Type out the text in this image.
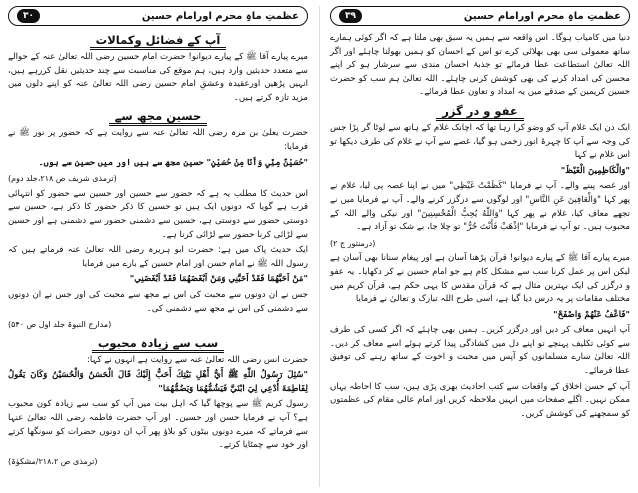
عظمتِ ماہِ محرم اورامام حسین
۳۰
آپ کے فضائل وکمالات

میرے پیارے آقا ﷺ کے پیارے دیوانو! حضرت امام حسین رضی اللہ تعالیٰ عنہ کے حوالے سے متعدد حدیثیں وارد ہیں، ہم موقع کی مناسبت سے چند حدیثیں نقل کررہے ہیں، انہیں پڑھیں اورعقیدہ وعشقِ امام حسین رضی اللہ تعالیٰ عنہ کو اپنے دلوں میں مزید تازہ کرتے ہیں۔

حسین مجھ سے

حضرت یعلیٰ بن مرہ رضی اللہ تعالیٰ عنہ سے روایت ہے کہ حضور پر نور ﷺ نے فرمایا:

"حُسَيْنٌ مِنِّي وَأَنَا مِنْ حُسَيْنٍ" حسین مجھ سے ہیں اور میں حسین سے ہوں۔

(ترمذی شریف ص ۲۱۸،جلد دوم)

اس حدیث کا مطلب یہ ہے کہ حضور سے حسین اور حسین سے حضور کو انتہائی قرب ہے گویا کہ دونوں ایک ہیں تو حسین کا ذکر حضور کا ذکر ہے، حسین سے دوستی حضور سے دوستی ہے، حسین سے دشمنی حضور سے دشمنی ہے اور حسین سے لڑائی کرنا حضور سے لڑائی کرنا ہے۔

ایک حدیث پاک میں ہے: حضرت ابو ہریرہ رضی اللہ تعالیٰ عنہ فرماتے ہیں کہ رسول اللہ ﷺ نے امام حسن اور امام حسین کے بارے میں فرمایا

"مَنْ اَحَبَّهُمَا فَقَدْ اَحَبَّنِي وَمَنْ اَبْغَضَهُمَا فَقَدْ اَبْغَضَنِي"

جس نے ان دونوں سے محبت کی اس نے مجھ سے محبت کی اور جس نے ان دونوں سے دشمنی کی اس نے مجھ سے دشمنی کی۔

(مدارج النبوۃ جلد اول ص ۵۴۰)

سب سے زیادہ محبوب

حضرت انس رضی اللہ تعالیٰ عنہ سے روایت ہے انہوں نے کہا:

"سُئِلَ رَسُولُ اللّٰهِ ﷺ أَيُّ أَهْلِ بَيْتِكَ أَحَبُّ إِلَيْكَ قَالَ الْحَسَنُ وَالْحُسَيْنُ وَكَانَ يَقُولُ لِفَاطِمَةَ أُدْعِي لِيَ ابْنَيَّ فَيَشُمُّهُمَا وَيَضُمُّهُمَا"

رسول کریم ﷺ سے پوچھا گیا کہ اہل بیت میں آپ کو سب سے زیادہ کون محبوب ہے؟ آپ نے فرمایا حسن اور حسین۔ اور آپ حضرت فاطمہ رضی اللہ تعالیٰ عنہا سے فرماتے کہ میرے دونوں بیٹوں کو بلاؤ پھر آپ ان دونوں حضرات کو سونگھا کرتے اور خود سے چمٹایا کرتے۔

(ترمذی ص ۲۱۸،۲/مشکوٰۃ)

عظمتِ ماہِ محرم اورامام حسین
۳۹

دنیا میں کامیاب ہوگا۔ اس واقعہ سے ہمیں یہ سبق بھی ملتا ہے کہ اگر کوئی ہمارے ساتھ معمولی سی بھی بھلائی کرے تو اس کے احسان کو ہمیں بھولنا چاہئے اور اگر اللہ تعالیٰ استطاعت عطا فرمائے تو جذبۂ احسان مندی سے سرشار ہو کر اپنے محسن کی امداد کرنے کی بھی کوشش کرنی چاہئے۔ اللہ تعالیٰ ہم سب کو حضرت حسین کریمین کے صدقے میں یہ امداد و تعاون عطا فرمائے۔

عفو و در گزر

ایک دن ایک غلام آپ کو وضو کرا رہا تھا کہ اچانک غلام کے ہاتھ سے لوٹا گر پڑا جس کی وجہ سے آپ کا چہرۂ انور زخمی ہو گیا، غصے سے آپ نے غلام کی طرف دیکھا تو اس غلام نے کہا

"وَالْكَاظِمِينَ الْغَيْظَ"

اور غصہ پینے والے۔ آپ نے فرمایا "كَظَمْتُ غَيْظِي" میں نے اپنا غصہ پی لیا، غلام نے پھر کہا "وَالْعَافِينَ عَنِ النَّاسِ" اور لوگوں سے درگزر کرنے والے۔ آپ نے فرمایا میں نے تجھے معاف کیا، غلام نے پھر کہا "وَاللّٰهُ يُحِبُّ الْمُحْسِنِينَ" اور نیکی والے اللہ کے محبوب ہیں۔ تو آپ نے فرمایا "اِذْهَبْ فَأَنْتَ حُرٌّ" تو چلا جا، بے شک تو آزاد ہے۔

(درمنثور ج ۲)

میرے پیارے آقا ﷺ کے پیارے دیوانو! قرآن پڑھنا آسان ہے اور پیغام سنانا بھی آسان ہے لیکن اس پر عمل کرنا سب سے مشکل کام ہے جو امام حسین نے کر دکھایا۔ یہ عفو و درگزر کی ایک بہترین مثال ہے کہ قرآن مقدس کا یہی حکم ہے، قرآن کریم میں مختلف مقامات پر یہ درس دیا گیا ہے، اسی طرح اللہ تبارک و تعالیٰ نے فرمایا

"فَاعْفُ عَنْهُمْ وَاصْفَحْ"

آپ انہیں معاف کر دیں اور درگزر کریں۔ ہمیں بھی چاہئے کہ اگر کسی کی طرف سے کوئی تکلیف پہنچے تو اپنے دل میں کشادگی پیدا کرتے ہوئے اسے معاف کر دیں۔ اللہ تعالیٰ سارے مسلمانوں کو آپس میں محبت و اخوت کے ساتھ رہنے کی توفیق عطا فرمائے۔

آپ کے حسن اخلاق کے واقعات سے کتب احادیث بھری پڑی ہیں، سب کا احاطہ یہاں ممکن نہیں۔ اگلے صفحات میں انہیں ملاحظہ کریں اور امام عالی مقام کی عظمتوں کو سمجھنے کی کوشش کریں۔
